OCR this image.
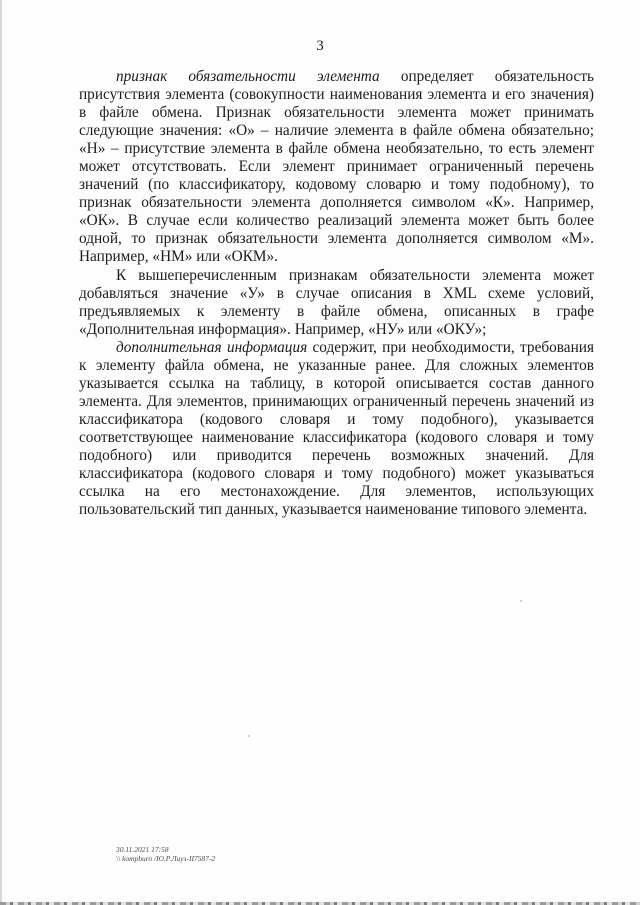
3

признак обязательности элемента определяет обязательность присутствия элемента (совокупности наименования элемента и его значения) в файле обмена. Признак обязательности элемента может принимать следующие значения: «О» – наличие элемента в файле обмена обязательно; «Н» – присутствие элемента в файле обмена необязательно, то есть элемент может отсутствовать. Если элемент принимает ограниченный перечень значений (по классификатору, кодовому словарю и тому подобному), то признак обязательности элемента дополняется символом «К». Например, «ОК». В случае если количество реализаций элемента может быть более одной, то признак обязательности элемента дополняется символом «М». Например, «НМ» или «ОКМ».

К вышеперечисленным признакам обязательности элемента может добавляться значение «У» в случае описания в XML схеме условий, предъявляемых к элементу в файле обмена, описанных в графе «Дополнительная информация». Например, «НУ» или «ОКУ»;

дополнительная информация содержит, при необходимости, требования к элементу файла обмена, не указанные ранее. Для сложных элементов указывается ссылка на таблицу, в которой описывается состав данного элемента. Для элементов, принимающих ограниченный перечень значений из классификатора (кодового словаря и тому подобного), указывается соответствующее наименование классификатора (кодового словаря и тому подобного) или приводится перечень возможных значений. Для классификатора (кодового словаря и тому подобного) может указываться ссылка на его местонахождение. Для элементов, использующих пользовательский тип данных, указывается наименование типового элемента.

30.11.2021 17:58
\\ kompburo /Ю.Р.Лиуз-II7587-2
